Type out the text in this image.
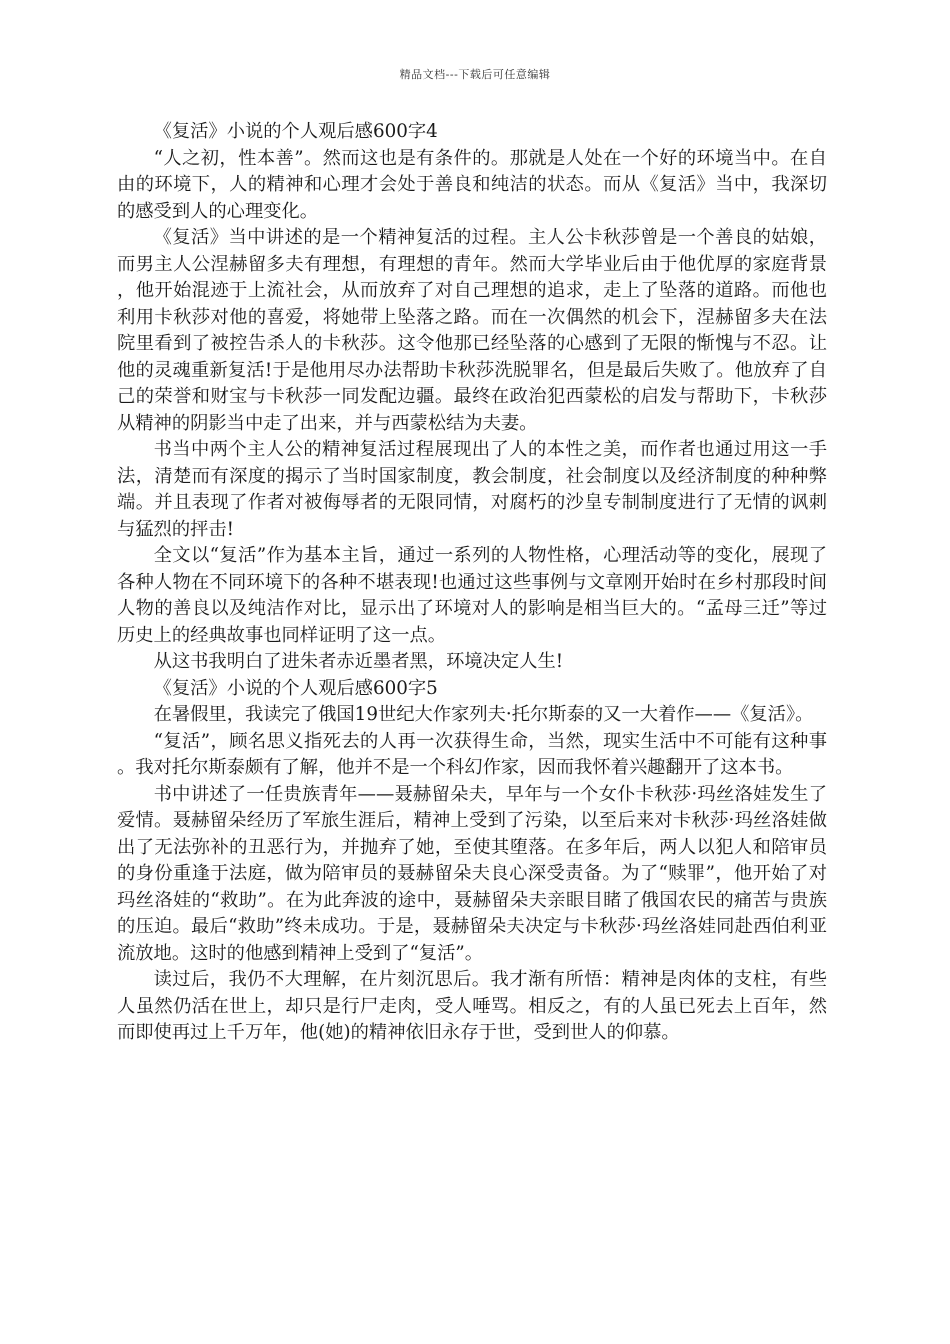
精品文档---下载后可任意编辑

《复活》小说的个人观后感600字4

“人之初，性本善”。然而这也是有条件的。那就是人处在一个好的环境当中。在自由的环境下，人的精神和心理才会处于善良和纯洁的状态。而从《复活》当中，我深切的感受到人的心理变化。

《复活》当中讲述的是一个精神复活的过程。主人公卡秋莎曾是一个善良的姑娘，而男主人公涅赫留多夫有理想，有理想的青年。然而大学毕业后由于他优厚的家庭背景，他开始混迹于上流社会，从而放弃了对自己理想的追求，走上了坠落的道路。而他也利用卡秋莎对他的喜爱，将她带上坠落之路。而在一次偶然的机会下，涅赫留多夫在法院里看到了被控告杀人的卡秋莎。这令他那已经坠落的心感到了无限的惭愧与不忍。让他的灵魂重新复活!于是他用尽办法帮助卡秋莎洗脱罪名，但是最后失败了。他放弃了自己的荣誉和财宝与卡秋莎一同发配边疆。最终在政治犯西蒙松的启发与帮助下，卡秋莎从精神的阴影当中走了出来，并与西蒙松结为夫妻。

书当中两个主人公的精神复活过程展现出了人的本性之美，而作者也通过用这一手法，清楚而有深度的揭示了当时国家制度，教会制度，社会制度以及经济制度的种种弊端。并且表现了作者对被侮辱者的无限同情，对腐朽的沙皇专制制度进行了无情的讽刺与猛烈的抨击!

全文以“复活”作为基本主旨，通过一系列的人物性格，心理活动等的变化，展现了各种人物在不同环境下的各种不堪表现!也通过这些事例与文章刚开始时在乡村那段时间人物的善良以及纯洁作对比，显示出了环境对人的影响是相当巨大的。“孟母三迁”等过历史上的经典故事也同样证明了这一点。

从这书我明白了进朱者赤近墨者黑，环境决定人生!

《复活》小说的个人观后感600字5

在暑假里，我读完了俄国19世纪大作家列夫·托尔斯泰的又一大着作——《复活》。

“复活”，顾名思义指死去的人再一次获得生命，当然，现实生活中不可能有这种事。我对托尔斯泰颇有了解，他并不是一个科幻作家，因而我怀着兴趣翻开了这本书。

书中讲述了一任贵族青年——聂赫留朵夫，早年与一个女仆卡秋莎·玛丝洛娃发生了爱情。聂赫留朵经历了军旅生涯后，精神上受到了污染，以至后来对卡秋莎·玛丝洛娃做出了无法弥补的丑恶行为，并抛弃了她，至使其堕落。在多年后，两人以犯人和陪审员的身份重逢于法庭，做为陪审员的聂赫留朵夫良心深受责备。为了“赎罪”，他开始了对玛丝洛娃的“救助”。在为此奔波的途中，聂赫留朵夫亲眼目睹了俄国农民的痛苦与贵族的压迫。最后“救助”终未成功。于是，聂赫留朵夫决定与卡秋莎·玛丝洛娃同赴西伯利亚流放地。这时的他感到精神上受到了“复活”。

读过后，我仍不大理解，在片刻沉思后。我才渐有所悟：精神是肉体的支柱，有些人虽然仍活在世上，却只是行尸走肉，受人唾骂。相反之，有的人虽已死去上百年，然而即使再过上千万年，他(她)的精神依旧永存于世，受到世人的仰慕。
